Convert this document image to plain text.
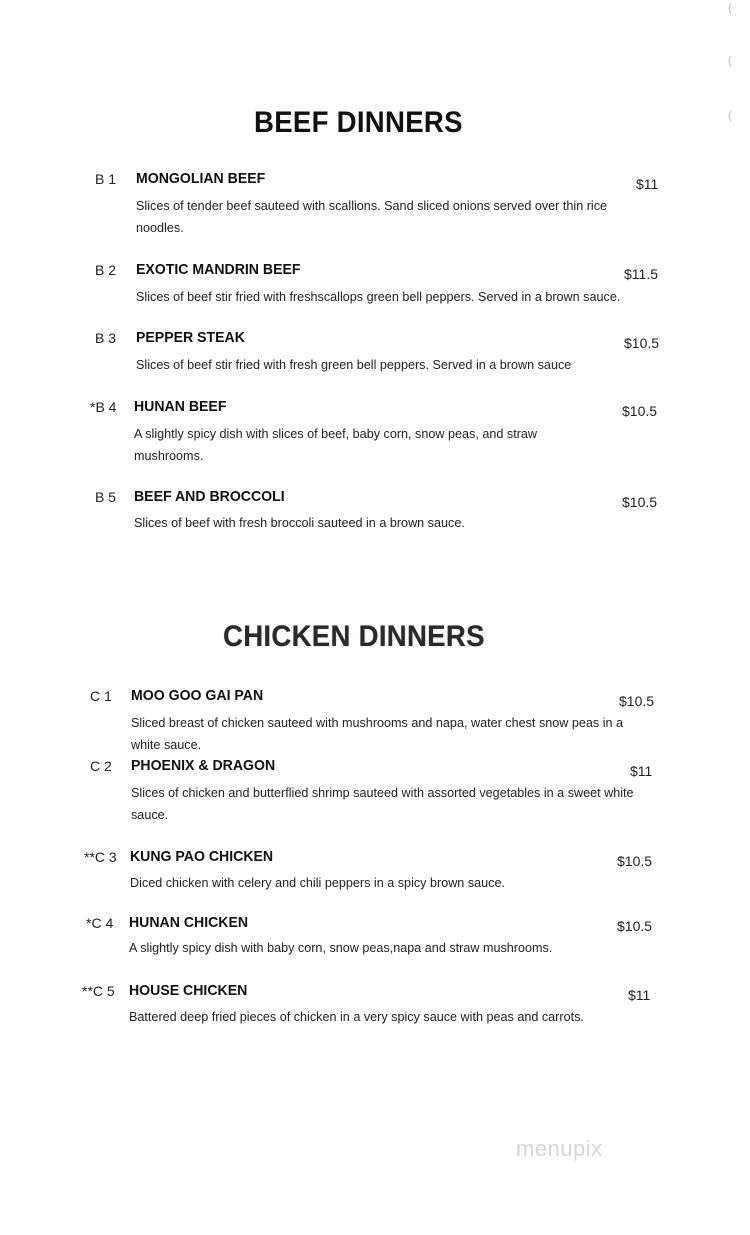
(
(
(
BEEF DINNERS
B 1 MONGOLIAN BEEF	$11
Slices of tender beef sauteed with scallions. Sand sliced onions served over thin rice noodles.
B 2 EXOTIC MANDRIN BEEF	$11.5
Slices of beef stir fried with freshscallops green bell peppers. Served in a brown sauce.
B 3 PEPPER STEAK	$10.5
Slices of beef stir fried with fresh green bell peppers. Served in a brown sauce
*B 4 HUNAN BEEF	$10.5
A slightly spicy dish with slices of beef, baby corn, snow peas, and straw mushrooms.
B 5 BEEF AND BROCCOLI	$10.5
Slices of beef with fresh broccoli sauteed in a brown sauce.
CHICKEN DINNERS
C 1 MOO GOO GAI PAN	$10.5
Sliced breast of chicken sauteed with mushrooms and napa, water chest snow peas in a white sauce.
C 2 PHOENIX & DRAGON	$11
Slices of chicken and butterflied shrimp sauteed with assorted vegetables in a sweet white sauce.
**C 3 KUNG PAO CHICKEN	$10.5
Diced chicken with celery and chili peppers in a spicy brown sauce.
*C 4 HUNAN CHICKEN	$10.5
A slightly spicy dish with baby corn, snow peas,napa and straw mushrooms.
**C 5 HOUSE CHICKEN	$11
Battered deep fried pieces of chicken in a very spicy sauce with peas and carrots.
menupix
